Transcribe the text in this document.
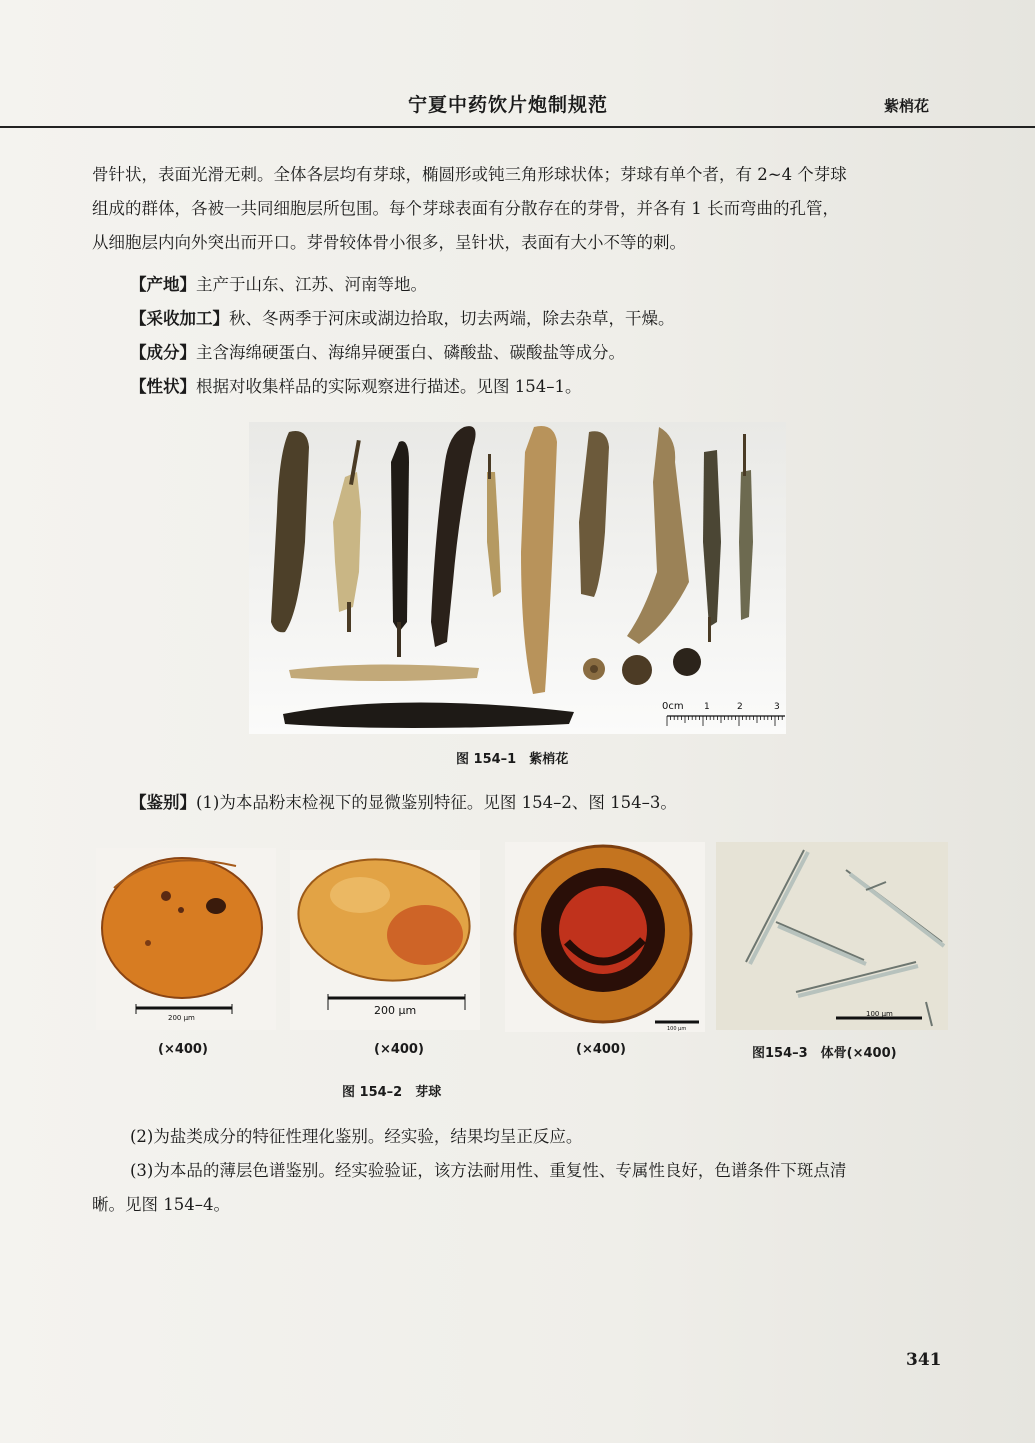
宁夏中药饮片炮制规范	紫梢花

骨针状，表面光滑无刺。全体各层均有芽球，椭圆形或钝三角形球状体；芽球有单个者，有 2~4 个芽球

组成的群体，各被一共同细胞层所包围。每个芽球表面有分散存在的芽骨，并各有 1 长而弯曲的孔管，

从细胞层内向外突出而开口。芽骨较体骨小很多，呈针状，表面有大小不等的刺。

【产地】主产于山东、江苏、河南等地。

【采收加工】秋、冬两季于河床或湖边拾取，切去两端，除去杂草，干燥。

【成分】主含海绵硬蛋白、海绵异硬蛋白、磷酸盐、碳酸盐等成分。

【性状】根据对收集样品的实际观察进行描述。见图 154–1。

0cm 1	2	3
图 154–1　紫梢花

【鉴别】(1)为本品粉末检视下的显微鉴别特征。见图 154–2、图 154–3。

200 μm
(×400)
200 μm
(×400)
100 μm
(×400)
100 μm
图154–3　体骨(×400)
图 154–2　芽球

(2)为盐类成分的特征性理化鉴别。经实验，结果均呈正反应。

(3)为本品的薄层色谱鉴别。经实验验证，该方法耐用性、重复性、专属性良好，色谱条件下斑点清

晰。见图 154–4。

341
